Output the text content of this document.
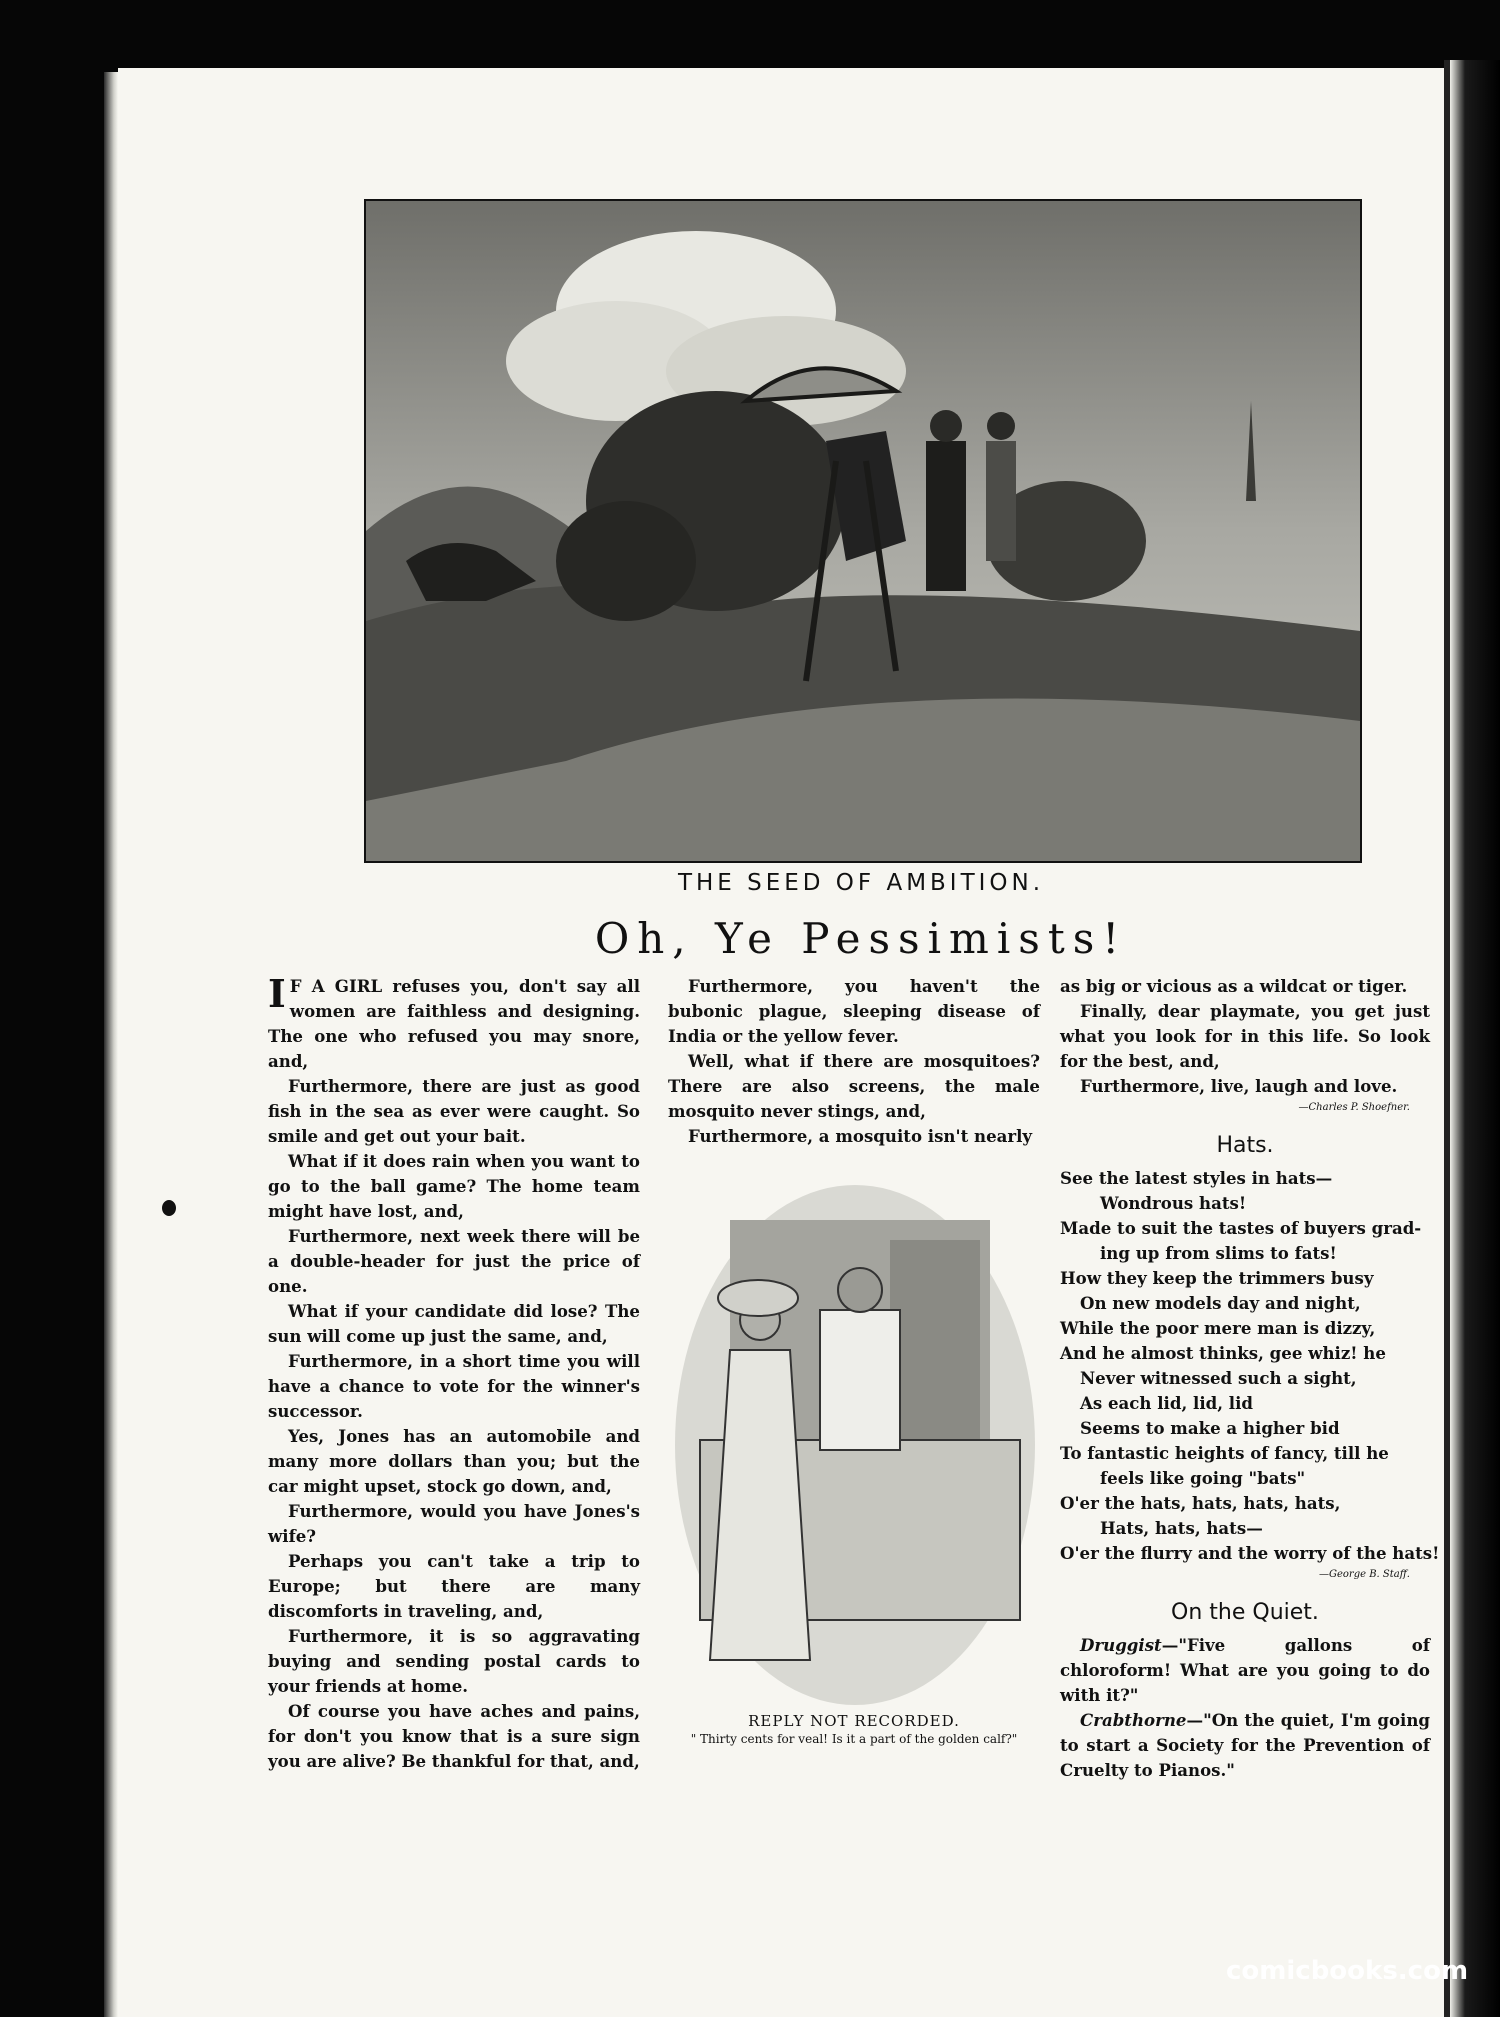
THE SEED OF AMBITION.
Oh, Ye Pessimists!

I F A GIRL refuses you, don't say all women are faithless and designing. The one who refused you may snore, and,

Furthermore, there are just as good fish in the sea as ever were caught. So smile and get out your bait.

What if it does rain when you want to go to the ball game? The home team might have lost, and,

Furthermore, next week there will be a double-header for just the price of one.

What if your candidate did lose? The sun will come up just the same, and,

Furthermore, in a short time you will have a chance to vote for the winner's successor.

Yes, Jones has an automobile and many more dollars than you; but the car might upset, stock go down, and,

Furthermore, would you have Jones's wife?

Perhaps you can't take a trip to Europe; but there are many discomforts in traveling, and,

Furthermore, it is so aggravating buying and sending postal cards to your friends at home.

Of course you have aches and pains, for don't you know that is a sure sign you are alive? Be thankful for that, and,

Furthermore, you haven't the bubonic plague, sleeping disease of India or the yellow fever.

Well, what if there are mosquitoes? There are also screens, the male mosquito never stings, and,

Furthermore, a mosquito isn't nearly

REPLY NOT RECORDED.
" Thirty cents for veal! Is it a part of the golden calf?"

as big or vicious as a wildcat or tiger.

Finally, dear playmate, you get just what you look for in this life. So look for the best, and,

Furthermore, live, laugh and love.

—Charles P. Shoefner.
Hats.
See the latest styles in hats—
Wondrous hats!
Made to suit the tastes of buyers grad-
ing up from slims to fats!
How they keep the trimmers busy
On new models day and night,
While the poor mere man is dizzy,
And he almost thinks, gee whiz! he
Never witnessed such a sight,
As each lid, lid, lid
Seems to make a higher bid
To fantastic heights of fancy, till he
feels like going "bats"
O'er the hats, hats, hats, hats,
Hats, hats, hats—
O'er the flurry and the worry of the hats!
—George B. Staff.
On the Quiet.

Druggist—"Five gallons of chloroform! What are you going to do with it?"

Crabthorne—"On the quiet, I'm going to start a Society for the Prevention of Cruelty to Pianos."

comicbooks.com
